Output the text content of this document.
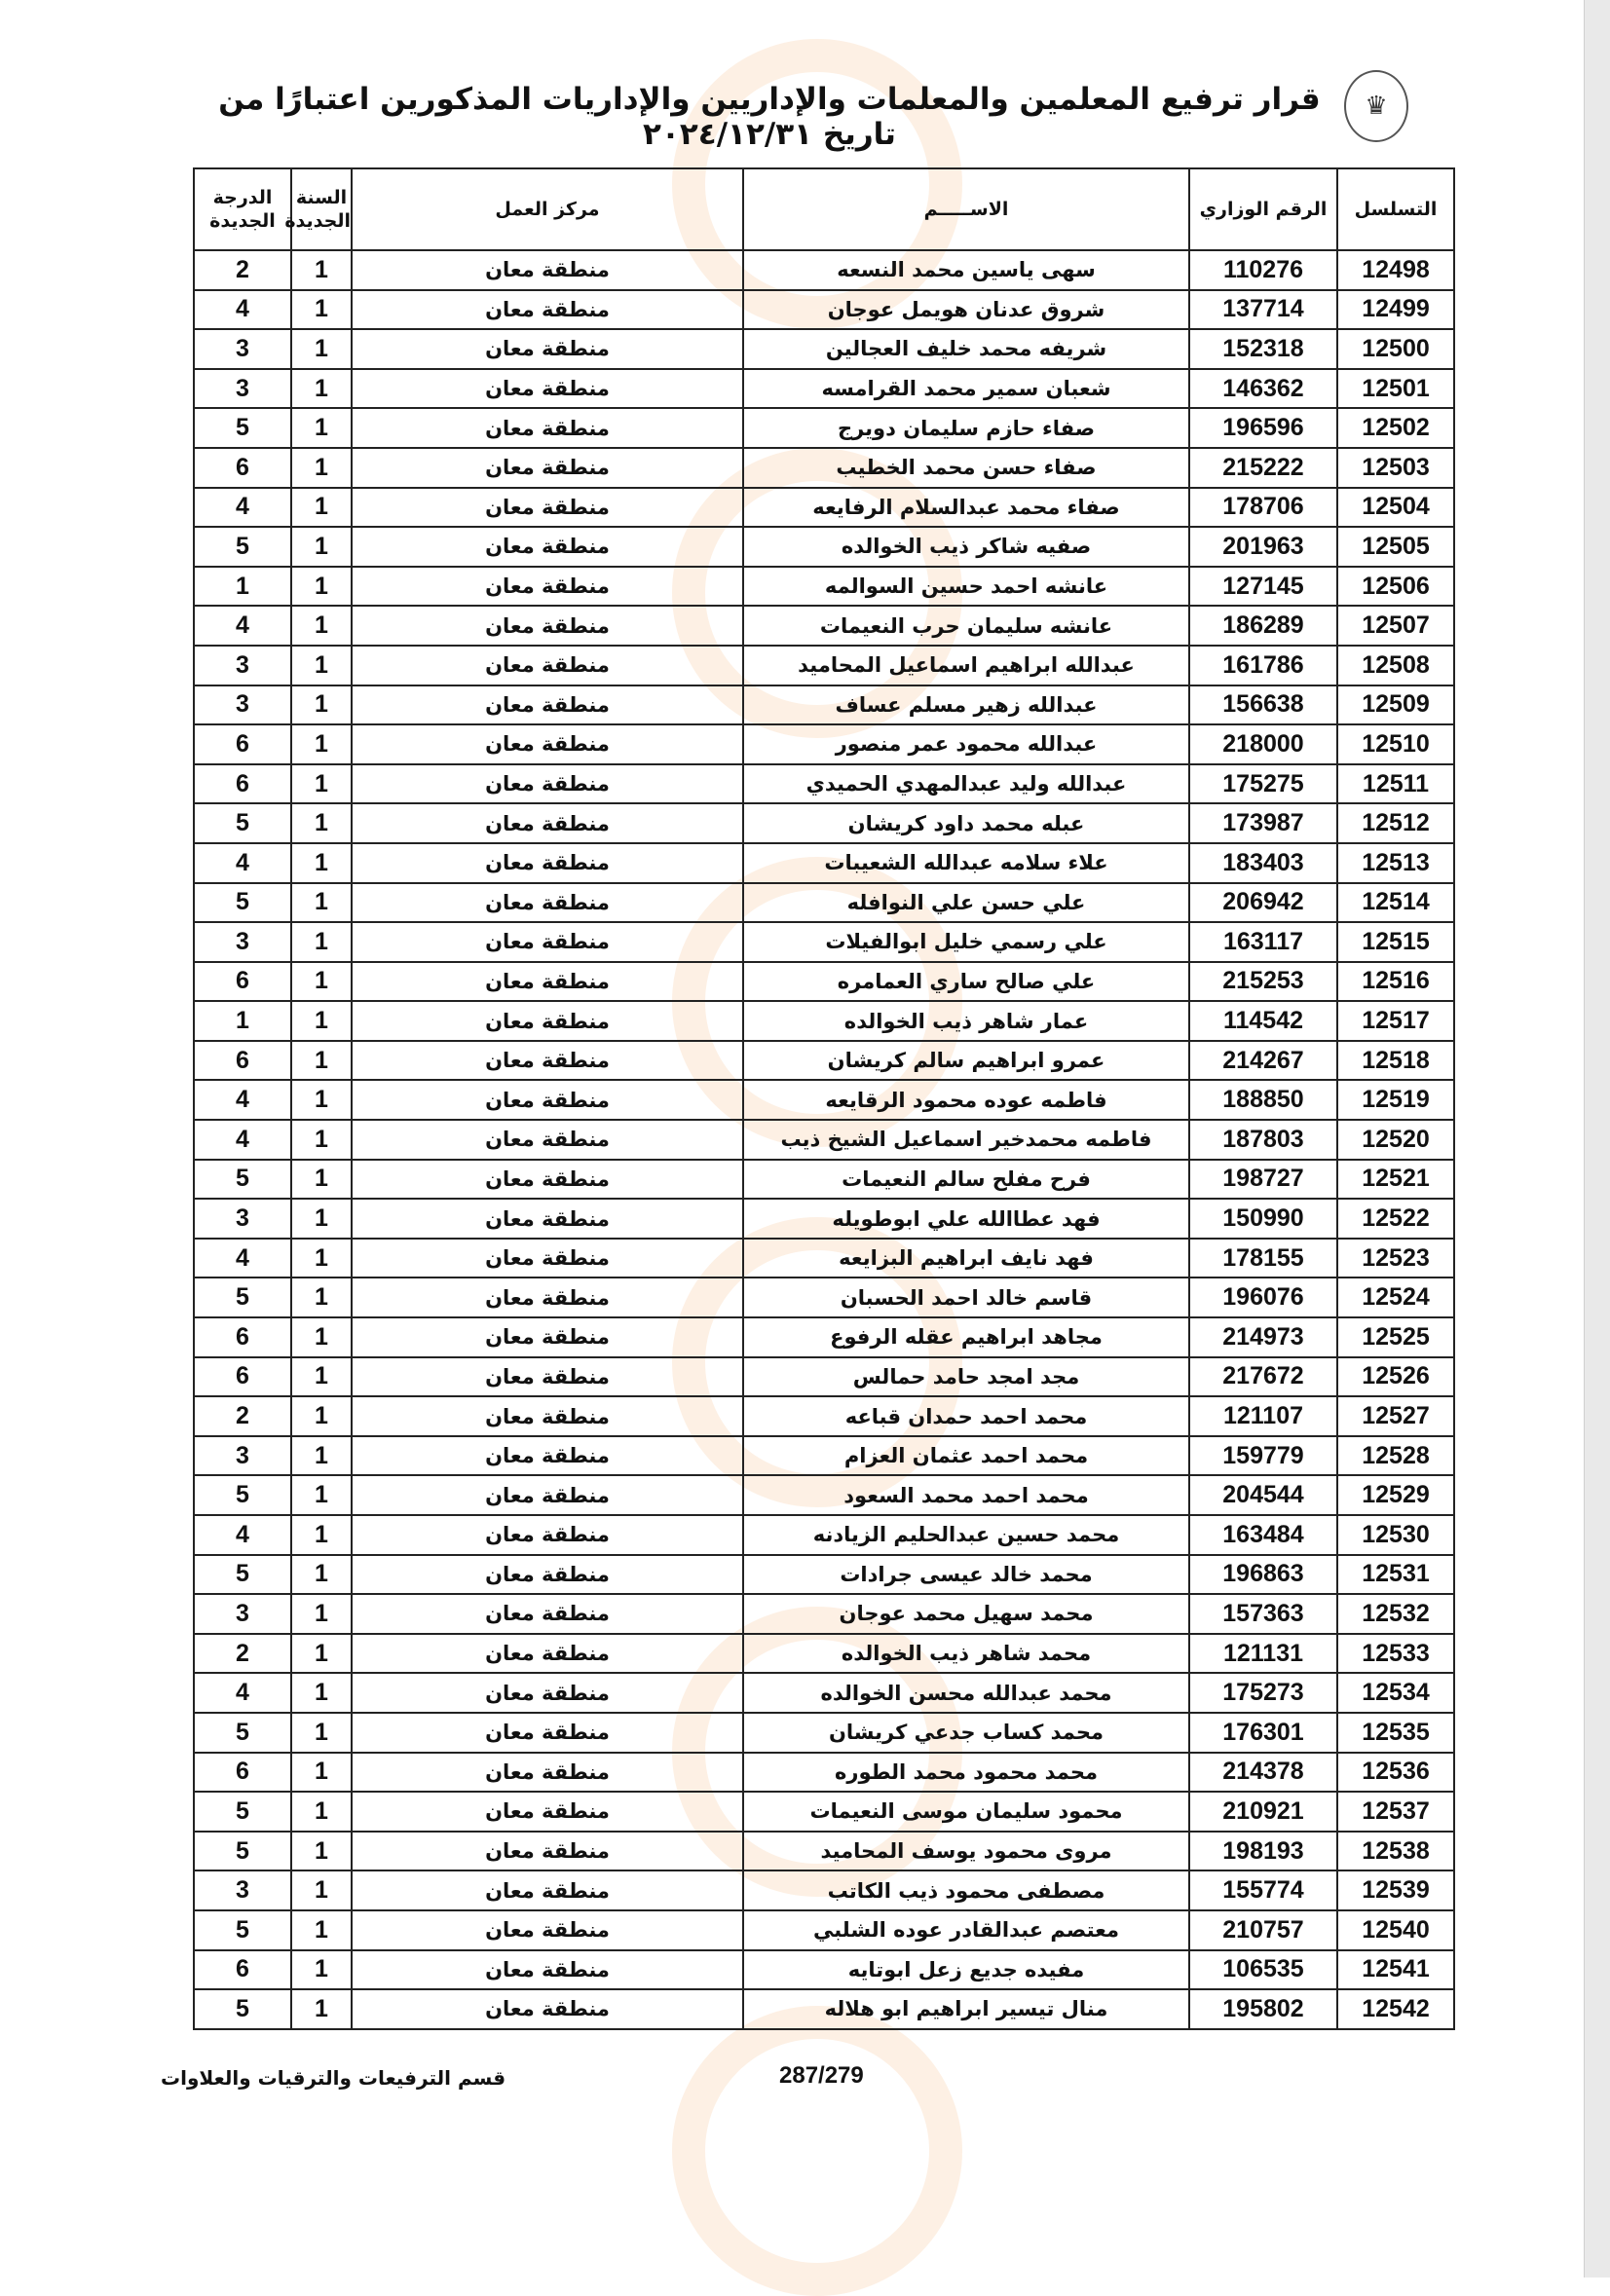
♛
قرار ترفيع المعلمين والمعلمات والإداريين والإداريات المذكورين اعتبارًا من تاريخ ٢٠٢٤/١٢/٣١
التسلسل	الرقم الوزاري	الاســـــم	مركز العمل	السنة الجديدة	الدرجة الجديدة
12498	110276	سهى ياسين محمد النسعه	منطقة معان	1	2
12499	137714	شروق عدنان هويمل عوجان	منطقة معان	1	4
12500	152318	شريفه محمد خليف العجالين	منطقة معان	1	3
12501	146362	شعبان سمير محمد القرامسه	منطقة معان	1	3
12502	196596	صفاء حازم سليمان دويرج	منطقة معان	1	5
12503	215222	صفاء حسن محمد الخطيب	منطقة معان	1	6
12504	178706	صفاء محمد عبدالسلام الرفايعه	منطقة معان	1	4
12505	201963	صفيه شاكر ذيب الخوالده	منطقة معان	1	5
12506	127145	عانشه احمد حسين السوالمه	منطقة معان	1	1
12507	186289	عانشه سليمان حرب النعيمات	منطقة معان	1	4
12508	161786	عبدالله ابراهيم اسماعيل المحاميد	منطقة معان	1	3
12509	156638	عبدالله زهير مسلم عساف	منطقة معان	1	3
12510	218000	عبدالله محمود عمر منصور	منطقة معان	1	6
12511	175275	عبدالله وليد عبدالمهدي الحميدي	منطقة معان	1	6
12512	173987	عبله محمد داود كريشان	منطقة معان	1	5
12513	183403	علاء سلامه عبدالله الشعيبات	منطقة معان	1	4
12514	206942	علي حسن علي النوافله	منطقة معان	1	5
12515	163117	علي رسمي خليل ابوالفيلات	منطقة معان	1	3
12516	215253	علي صالح ساري العمامره	منطقة معان	1	6
12517	114542	عمار شاهر ذيب الخوالده	منطقة معان	1	1
12518	214267	عمرو ابراهيم سالم كريشان	منطقة معان	1	6
12519	188850	فاطمه عوده محمود الرقايعه	منطقة معان	1	4
12520	187803	فاطمه محمدخير اسماعيل الشيخ ذيب	منطقة معان	1	4
12521	198727	فرح مفلح سالم النعيمات	منطقة معان	1	5
12522	150990	فهد عطاالله علي ابوطويله	منطقة معان	1	3
12523	178155	فهد نايف ابراهيم البزايعه	منطقة معان	1	4
12524	196076	قاسم خالد احمد الحسبان	منطقة معان	1	5
12525	214973	مجاهد ابراهيم عقله الرفوع	منطقة معان	1	6
12526	217672	مجد امجد حامد حمالس	منطقة معان	1	6
12527	121107	محمد احمد حمدان قباعه	منطقة معان	1	2
12528	159779	محمد احمد عثمان العزام	منطقة معان	1	3
12529	204544	محمد احمد محمد السعود	منطقة معان	1	5
12530	163484	محمد حسين عبدالحليم الزيادنه	منطقة معان	1	4
12531	196863	محمد خالد عيسى جرادات	منطقة معان	1	5
12532	157363	محمد سهيل محمد عوجان	منطقة معان	1	3
12533	121131	محمد شاهر ذيب الخوالده	منطقة معان	1	2
12534	175273	محمد عبدالله محسن الخوالده	منطقة معان	1	4
12535	176301	محمد كساب جدعي كريشان	منطقة معان	1	5
12536	214378	محمد محمود محمد الطوره	منطقة معان	1	6
12537	210921	محمود سليمان موسى النعيمات	منطقة معان	1	5
12538	198193	مروى محمود يوسف المحاميد	منطقة معان	1	5
12539	155774	مصطفى محمود ذيب الكاتب	منطقة معان	1	3
12540	210757	معتصم عبدالقادر عوده الشلبي	منطقة معان	1	5
12541	106535	مفيده جديع زعل ابوتايه	منطقة معان	1	6
12542	195802	منال تيسير ابراهيم ابو هلاله	منطقة معان	1	5
287/279
قسم الترفيعات والترقيات والعلاوات
